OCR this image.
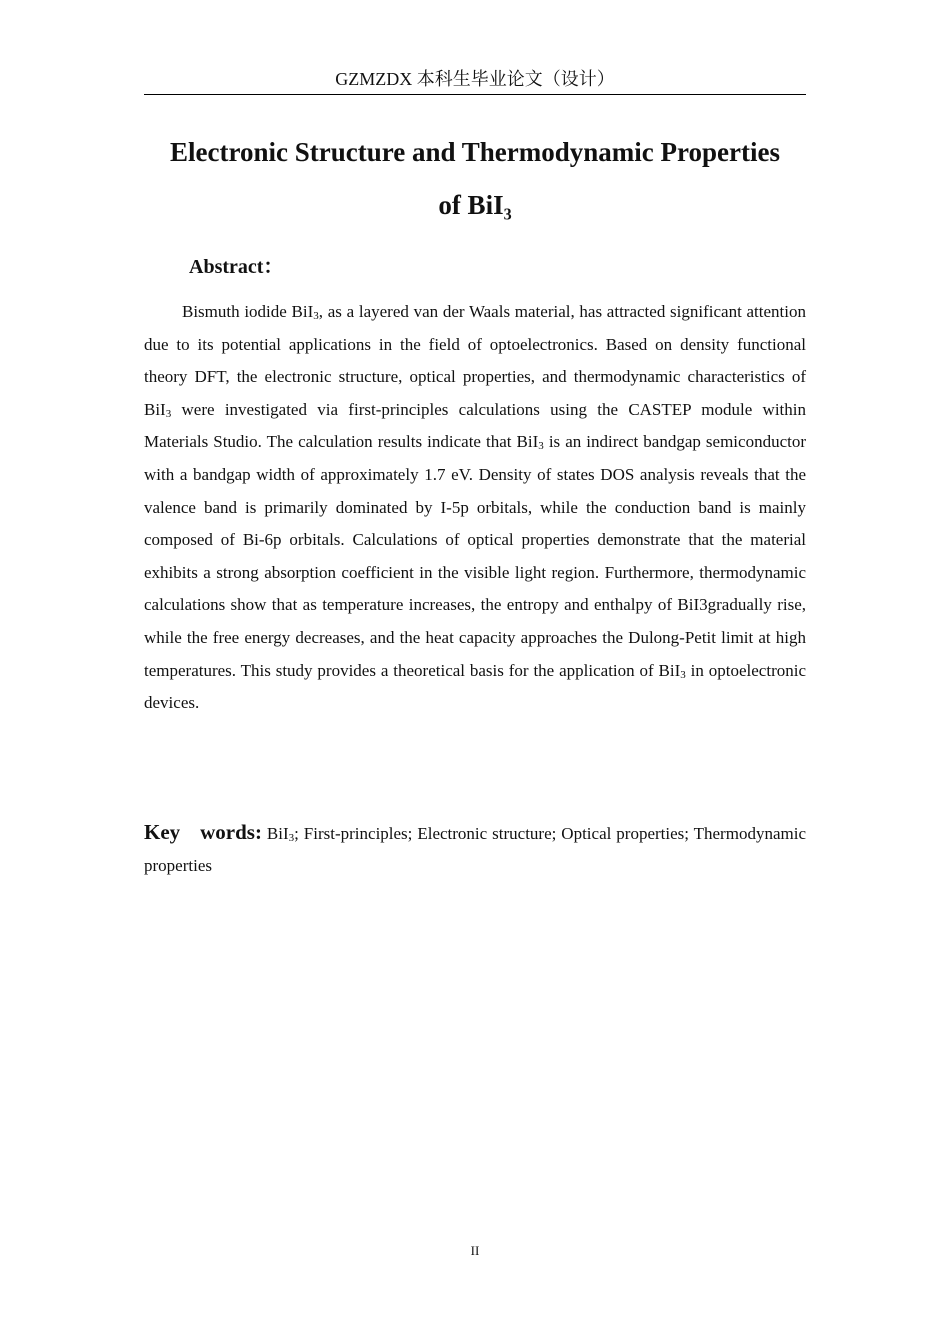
GZMZDX 本科生毕业论文（设计）
Electronic Structure and Thermodynamic Properties
of BiI₃
Abstract：

Bismuth iodide BiI3, as a layered van der Waals material, has attracted significant attention due to its potential applications in the field of optoelectronics. Based on density functional theory DFT, the electronic structure, optical properties, and thermodynamic characteristics of BiI3 were investigated via first-principles calculations using the CASTEP module within Materials Studio. The calculation results indicate that BiI3 is an indirect bandgap semiconductor with a bandgap width of approximately 1.7 eV. Density of states DOS analysis reveals that the valence band is primarily dominated by I-5p orbitals, while the conduction band is mainly composed of Bi-6p orbitals. Calculations of optical properties demonstrate that the material exhibits a strong absorption coefficient in the visible light region. Furthermore, thermodynamic calculations show that as temperature increases, the entropy and enthalpy of BiI3gradually rise, while the free energy decreases, and the heat capacity approaches the Dulong-Petit limit at high temperatures. This study provides a theoretical basis for the application of BiI3 in optoelectronic devices.

Key words: BiI3; First-principles; Electronic structure; Optical properties; Thermodynamic properties

II
